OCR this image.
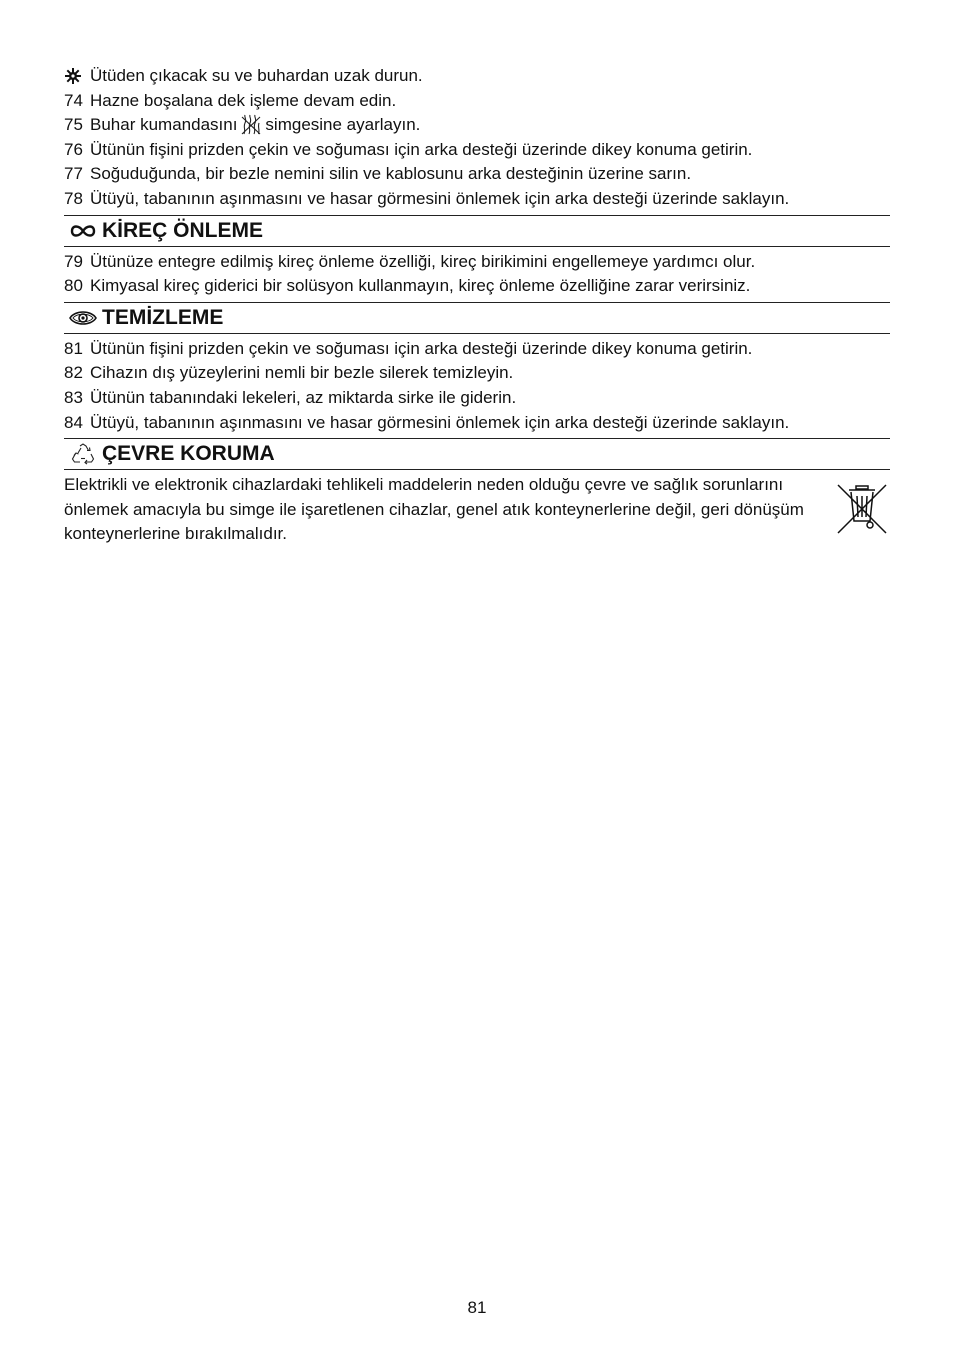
Ütüden çıkacak su ve buhardan uzak durun.
74 Hazne boşalana dek işleme devam edin.
75 Buhar kumandasını simgesine ayarlayın.
76 Ütünün fişini prizden çekin ve soğuması için arka desteği üzerinde dikey konuma getirin.
77 Soğuduğunda, bir bezle nemini silin ve kablosunu arka desteğinin üzerine sarın.
78 Ütüyü, tabanının aşınmasını ve hasar görmesini önlemek için arka desteği üzerinde saklayın.
KİREÇ ÖNLEME
79 Ütünüze entegre edilmiş kireç önleme özelliği, kireç birikimini engellemeye yardımcı olur.
80 Kimyasal kireç giderici bir solüsyon kullanmayın, kireç önleme özelliğine zarar verirsiniz.
TEMİZLEME
81 Ütünün fişini prizden çekin ve soğuması için arka desteği üzerinde dikey konuma getirin.
82 Cihazın dış yüzeylerini nemli bir bezle silerek temizleyin.
83 Ütünün tabanındaki lekeleri, az miktarda sirke ile giderin.
84 Ütüyü, tabanının aşınmasını ve hasar görmesini önlemek için arka desteği üzerinde saklayın.
ÇEVRE KORUMA
Elektrikli ve elektronik cihazlardaki tehlikeli maddelerin neden olduğu çevre ve sağlık sorunlarını önlemek amacıyla bu simge ile işaretlenen cihazlar, genel atık konteynerlerine değil, geri dönüşüm konteynerlerine bırakılmalıdır.
81
